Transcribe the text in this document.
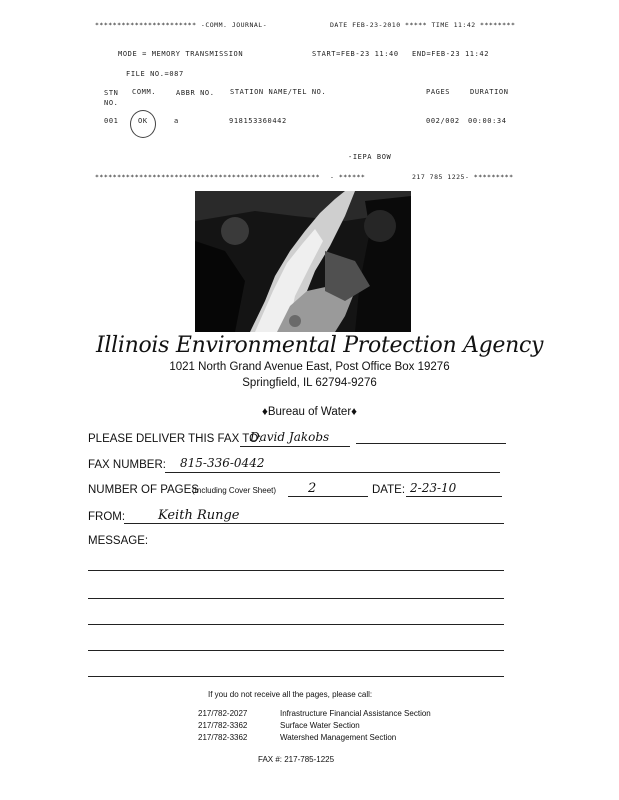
*********************** -COMM. JOURNAL-	DATE FEB-23-2010 ***** TIME 11:42 ********
MODE = MEMORY TRANSMISSION	START=FEB-23 11:40 END=FEB-23 11:42
FILE NO.=087
STN NO.
COMM.	ABBR NO.	STATION NAME/TEL NO.	PAGES	DURATION
001	OK	a	918153360442	002/002 00:00:34
-IEPA BOW
*************************************************** - ******	217 785 1225- *********
Illinois Environmental Protection Agency
1021 North Grand Avenue East, Post Office Box 19276
Springfield, IL 62794-9276
♦Bureau of Water♦
PLEASE DELIVER THIS FAX TO:
David Jakobs
FAX NUMBER: 815-336-0442
NUMBER OF PAGES
(Including Cover Sheet) 2	DATE: 2-23-10
FROM:	Keith Runge
MESSAGE:
If you do not receive all the pages, please call:
217/782-2027	Infrastructure Financial Assistance Section
217/782-3362	Surface Water Section
217/782-3362	Watershed Management Section
FAX #: 217-785-1225
